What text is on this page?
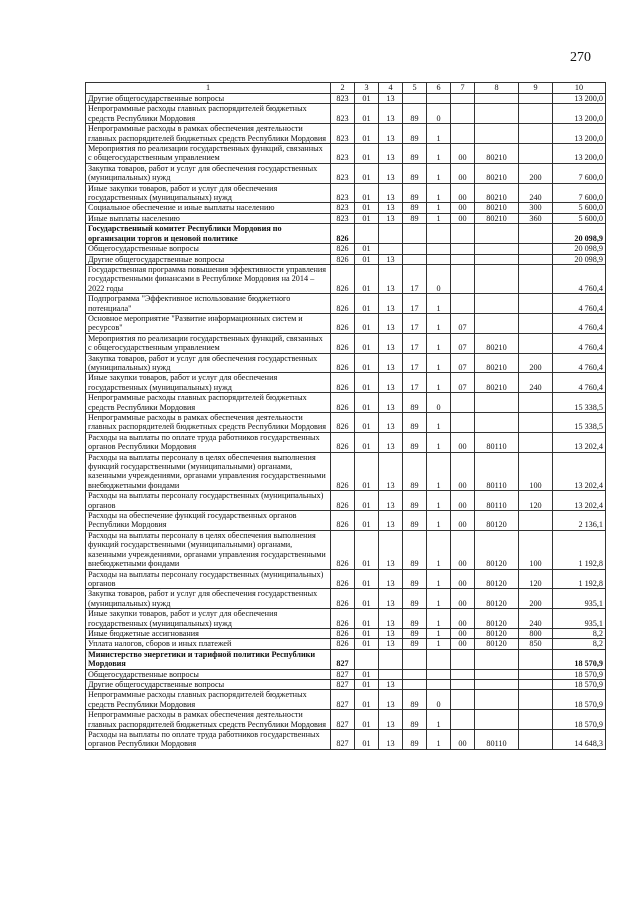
270
1	2	3	4	5	6	7	8	9	10
Другие общегосударственные вопросы	823	01	13						13 200,0
Непрограммные расходы главных распорядителей бюджетных средств Республики Мордовия	823	01	13	89	0				13 200,0
Непрограммные расходы в рамках обеспечения деятельности главных распорядителей бюджетных средств Республики Мордовия	823	01	13	89	1				13 200,0
Мероприятия по реализации государственных функций, связанных с общегосударственным управлением	823	01	13	89	1	00	80210		13 200,0
Закупка товаров, работ и услуг для обеспечения государственных (муниципальных) нужд	823	01	13	89	1	00	80210	200	7 600,0
Иные закупки товаров, работ и услуг для обеспечения государственных (муниципальных) нужд	823	01	13	89	1	00	80210	240	7 600,0
Социальное обеспечение и иные выплаты населению	823	01	13	89	1	00	80210	300	5 600,0
Иные выплаты населению	823	01	13	89	1	00	80210	360	5 600,0
Государственный комитет Республики Мордовия по организации торгов и ценовой политике	826								20 098,9
Общегосударственные вопросы	826	01							20 098,9
Другие общегосударственные вопросы	826	01	13						20 098,9
Государственная программа повышения эффективности управления государственными финансами в Республике Мордовия на 2014 – 2022 годы	826	01	13	17	0				4 760,4
Подпрограмма "Эффективное использование бюджетного потенциала"	826	01	13	17	1				4 760,4
Основное мероприятие "Развитие информационных систем и ресурсов"	826	01	13	17	1	07			4 760,4
Мероприятия по реализации государственных функций, связанных с общегосударственным управлением	826	01	13	17	1	07	80210		4 760,4
Закупка товаров, работ и услуг для обеспечения государственных (муниципальных) нужд	826	01	13	17	1	07	80210	200	4 760,4
Иные закупки товаров, работ и услуг для обеспечения государственных (муниципальных) нужд	826	01	13	17	1	07	80210	240	4 760,4
Непрограммные расходы главных распорядителей бюджетных средств Республики Мордовия	826	01	13	89	0				15 338,5
Непрограммные расходы в рамках обеспечения деятельности главных распорядителей бюджетных средств Республики Мордовия	826	01	13	89	1				15 338,5
Расходы на выплаты по оплате труда работников государственных органов Республики Мордовия	826	01	13	89	1	00	80110		13 202,4
Расходы на выплаты персоналу в целях обеспечения выполнения функций государственными (муниципальными) органами, казенными учреждениями, органами управления государственными внебюджетными фондами	826	01	13	89	1	00	80110	100	13 202,4
Расходы на выплаты персоналу государственных (муниципальных) органов	826	01	13	89	1	00	80110	120	13 202,4
Расходы на обеспечение функций государственных органов Республики Мордовия	826	01	13	89	1	00	80120		2 136,1
Расходы на выплаты персоналу в целях обеспечения выполнения функций государственными (муниципальными) органами, казенными учреждениями, органами управления государственными внебюджетными фондами	826	01	13	89	1	00	80120	100	1 192,8
Расходы на выплаты персоналу государственных (муниципальных) органов	826	01	13	89	1	00	80120	120	1 192,8
Закупка товаров, работ и услуг для обеспечения государственных (муниципальных) нужд	826	01	13	89	1	00	80120	200	935,1
Иные закупки товаров, работ и услуг для обеспечения государственных (муниципальных) нужд	826	01	13	89	1	00	80120	240	935,1
Иные бюджетные ассигнования	826	01	13	89	1	00	80120	800	8,2
Уплата налогов, сборов и иных платежей	826	01	13	89	1	00	80120	850	8,2
Министерство энергетики и тарифной политики Республики Мордовия	827								18 570,9
Общегосударственные вопросы	827	01							18 570,9
Другие общегосударственные вопросы	827	01	13						18 570,9
Непрограммные расходы главных распорядителей бюджетных средств Республики Мордовия	827	01	13	89	0				18 570,9
Непрограммные расходы в рамках обеспечения деятельности главных распорядителей бюджетных средств Республики Мордовия	827	01	13	89	1				18 570,9
Расходы на выплаты по оплате труда работников государственных органов Республики Мордовия	827	01	13	89	1	00	80110		14 648,3
